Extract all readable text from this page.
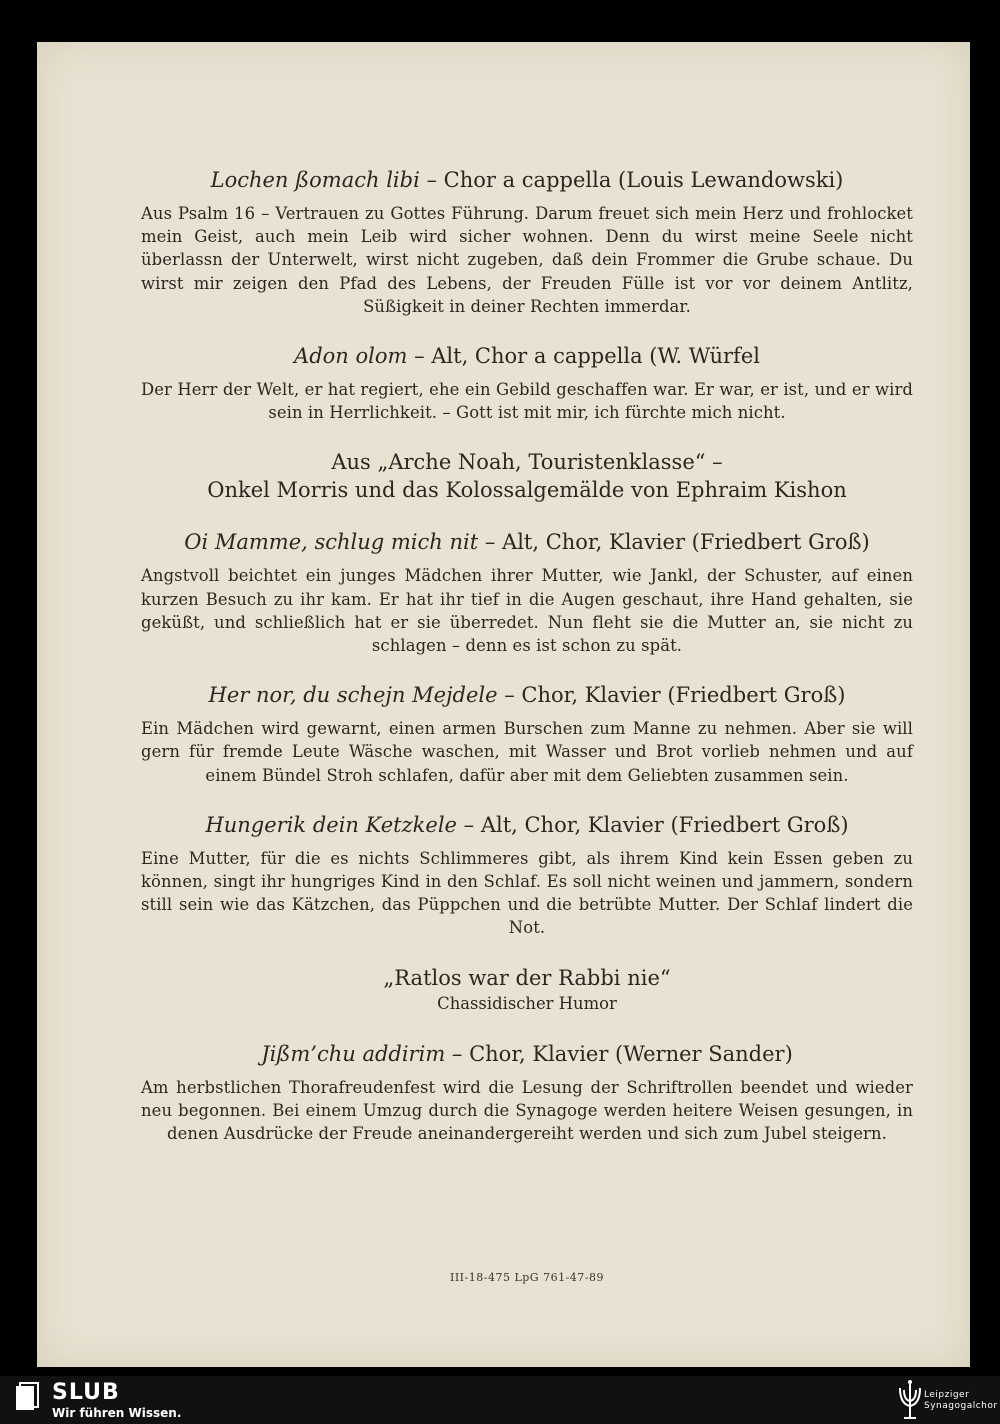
Lochen ßomach libi – Chor a cappella (Louis Lewandowski)
Aus Psalm 16 – Vertrauen zu Gottes Führung. Darum freuet sich mein Herz und frohlocket mein Geist, auch mein Leib wird sicher wohnen. Denn du wirst meine Seele nicht überlassn der Unterwelt, wirst nicht zugeben, daß dein Frommer die Grube schaue. Du wirst mir zeigen den Pfad des Lebens, der Freuden Fülle ist vor vor deinem Antlitz, Süßigkeit in deiner Rechten immerdar.
Adon olom – Alt, Chor a cappella (W. Würfel
Der Herr der Welt, er hat regiert, ehe ein Gebild geschaffen war. Er war, er ist, und er wird sein in Herrlichkeit. – Gott ist mit mir, ich fürchte mich nicht.
Aus „Arche Noah, Touristenklasse“ –
Onkel Morris und das Kolossalgemälde von Ephraim Kishon
Oi Mamme, schlug mich nit – Alt, Chor, Klavier (Friedbert Groß)
Angstvoll beichtet ein junges Mädchen ihrer Mutter, wie Jankl, der Schuster, auf einen kurzen Besuch zu ihr kam. Er hat ihr tief in die Augen geschaut, ihre Hand gehalten, sie geküßt, und schließlich hat er sie überredet. Nun fleht sie die Mutter an, sie nicht zu schlagen – denn es ist schon zu spät.
Her nor, du schejn Mejdele – Chor, Klavier (Friedbert Groß)
Ein Mädchen wird gewarnt, einen armen Burschen zum Manne zu nehmen. Aber sie will gern für fremde Leute Wäsche waschen, mit Wasser und Brot vorlieb nehmen und auf einem Bündel Stroh schlafen, dafür aber mit dem Geliebten zusammen sein.
Hungerik dein Ketzkele – Alt, Chor, Klavier (Friedbert Groß)
Eine Mutter, für die es nichts Schlimmeres gibt, als ihrem Kind kein Essen geben zu können, singt ihr hungriges Kind in den Schlaf. Es soll nicht weinen und jammern, sondern still sein wie das Kätzchen, das Püppchen und die betrübte Mutter. Der Schlaf lindert die Not.
„Ratlos war der Rabbi nie“
Chassidischer Humor
Jißm’chu addirim – Chor, Klavier (Werner Sander)
Am herbstlichen Thorafreudenfest wird die Lesung der Schriftrollen beendet und wieder neu begonnen. Bei einem Umzug durch die Synagoge werden heitere Weisen gesungen, in denen Ausdrücke der Freude aneinandergereiht werden und sich zum Jubel steigern.
III-18-475 LpG 761-47-89
SLUB
Wir führen Wissen.
Leipziger
Synagogalchor
